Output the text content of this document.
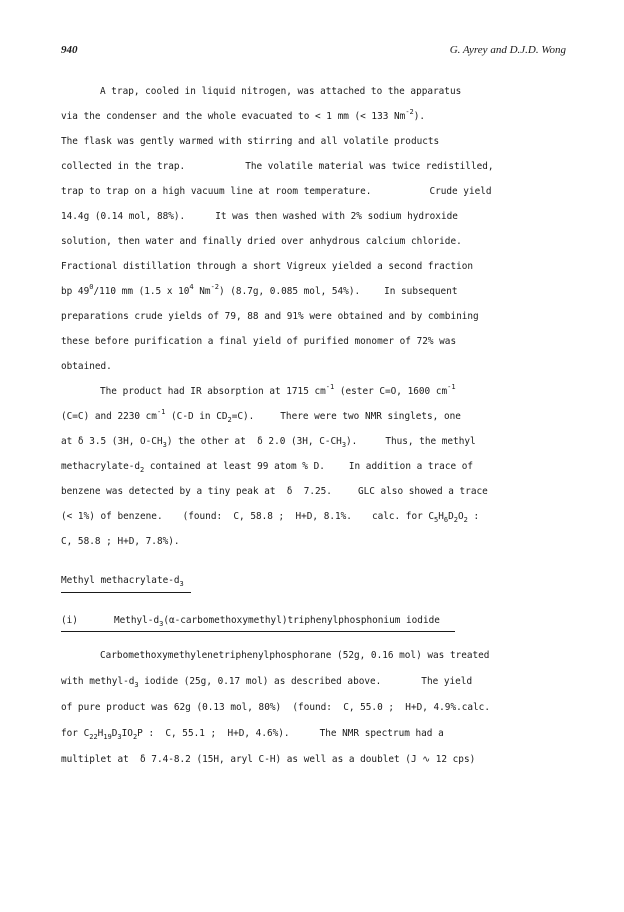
940	G. Ayrey and D.J.D. Wong
A trap, cooled in liquid nitrogen, was attached to the apparatus
via the condenser and the whole evacuated to < 1 mm (< 133 $Nm^{-2}$).
The flask was gently warmed with stirring and all volatile products
collected in the trap.	The volatile material was twice redistilled,
trap to trap on a high vacuum line at room temperature.	Crude yield
14.4g (0.14 mol, 88%).	It was then washed with 2% sodium hydroxide
solution, then water and finally dried over anhydrous calcium chloride.
Fractional distillation through a short Vigreux yielded a second fraction
bp $49^0/110$ mm (1.5 x $10^4$ $Nm^{-2}$) (8.7g, 0.085 mol, 54%).	In subsequent
preparations crude yields of 79, 88 and 91% were obtained and by combining
these before purification a final yield of purified monomer of 72% was
obtained.
The product had IR absorption at 1715 $cm^{-1}$ (ester C=O, 1600 $cm^{-1}$
(C=C) and 2230 $cm^{-1}$ (C-D in $CD_2=C$).	There were two NMR singlets, one
at δ 3.5 (3H, $O-CH_3$) the other at  δ 2.0 (3H, $C-CH_3$).	Thus, the methyl
methacrylate-$d_2$ contained at least 99 atom % D.	In addition a trace of
benzene was detected by a tiny peak at  δ  7.25.	GLC also showed a trace
(< 1%) of benzene. (found:  C, 58.8 ;  H+D, 8.1%. calc. for $C_5H_6D_2O_2$ :
C, 58.8 ; H+D, 7.8%).
Methyl methacrylate-$d_3$
(i)	Methyl-$d_3(\alpha-carbomethoxymethyl)triphenylphosphonium$ iodide
Carbomethoxymethylenetriphenylphosphorane (52g, 0.16 mol) was treated
with methyl-$d_3$ iodide (25g, 0.17 mol) as described above.	The yield
of pure product was 62g (0.13 mol, 80%)  (found:  C, 55.0 ;  H+D, 4.9%.calc.
for $C_{22}H_{19}D_3IO_2P$ :  C, 55.1 ;  H+D, 4.6%).	The NMR spectrum had a
multiplet at  δ 7.4-8.2 (15H, aryl C-H) as well as a doublet (J ∿ 12 cps)
